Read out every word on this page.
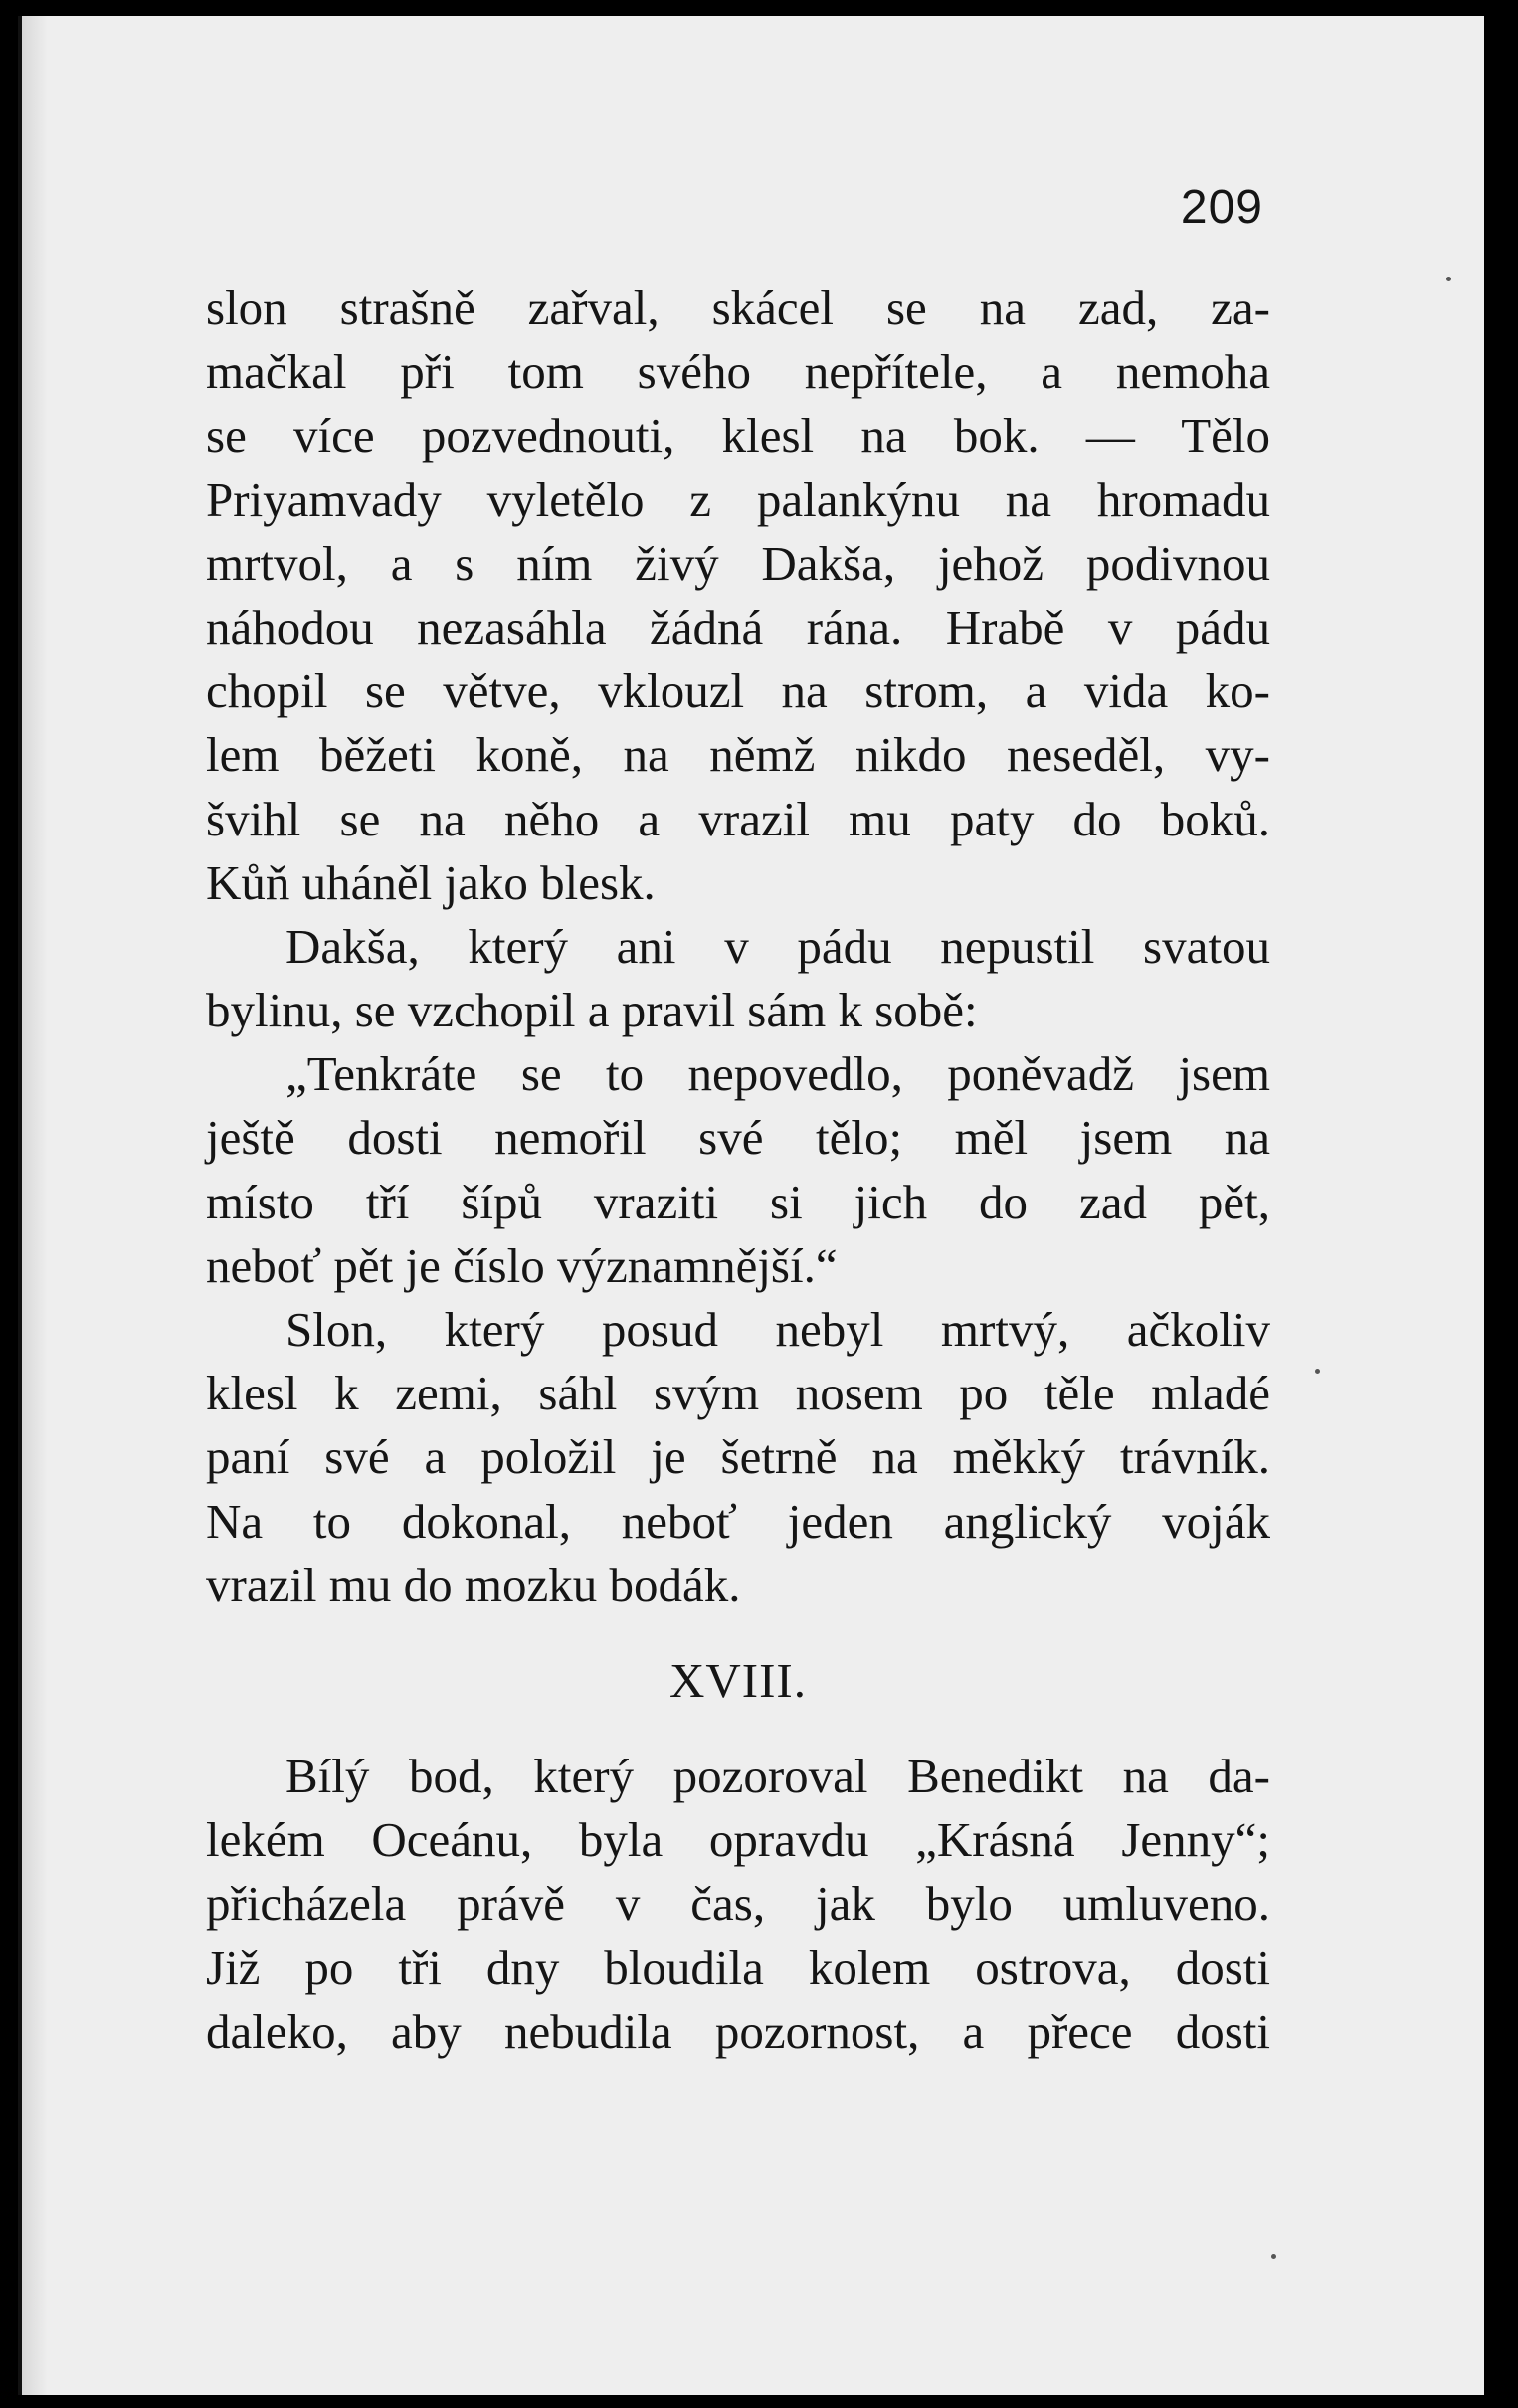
209
slon strašně zařval, skácel se na zad, za-
mačkal při tom svého nepřítele, a nemoha
se více pozvednouti, klesl na bok. — Tělo
Priyamvady vyletělo z palankýnu na hromadu
mrtvol, a s ním živý Dakša, jehož podivnou
náhodou nezasáhla žádná rána. Hrabě v pádu
chopil se větve, vklouzl na strom, a vida ko-
lem běžeti koně, na němž nikdo neseděl, vy-
švihl se na něho a vrazil mu paty do boků.
Kůň uháněl jako blesk.
Dakša, který ani v pádu nepustil svatou
bylinu, se vzchopil a pravil sám k sobě:
„Tenkráte se to nepovedlo, poněvadž jsem
ještě dosti nemořil své tělo; měl jsem na
místo tří šípů vraziti si jich do zad pět,
neboť pět je číslo významnější.“
Slon, který posud nebyl mrtvý, ačkoliv
klesl k zemi, sáhl svým nosem po těle mladé
paní své a položil je šetrně na měkký trávník.
Na to dokonal, neboť jeden anglický voják
vrazil mu do mozku bodák.
XVIII.
Bílý bod, který pozoroval Benedikt na da-
lekém Oceánu, byla opravdu „Krásná Jenny“;
přicházela právě v čas, jak bylo umluveno.
Již po tři dny bloudila kolem ostrova, dosti
daleko, aby nebudila pozornost, a přece dosti
